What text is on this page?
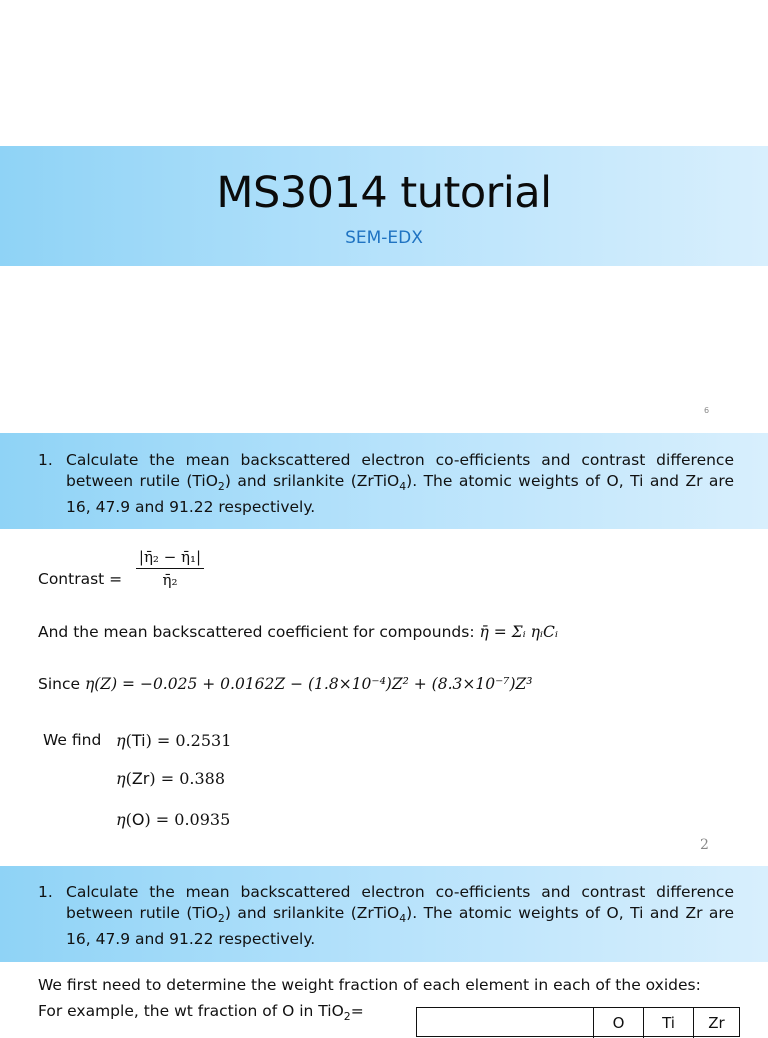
MS3014 tutorial
SEM-EDX
6
1. Calculate the mean backscattered electron co-efficients and contrast difference between rutile (TiO$_2$) and srilankite (ZrTiO$_4$). The atomic weights of O, Ti and Zr are 16, 47.9 and 91.22 respectively.
Contrast = $\frac{\text{|η̄₂ − η̄₁|}}{\text{η̄₂}}$
And the mean backscattered coefficient for compounds: η̄ = Σᵢ ηᵢCᵢ
Since η(Z) = −0.025 + 0.0162Z − (1.8×10⁻⁴)Z² + (8.3×10⁻⁷)Z³
We find η(Ti) = 0.2531
η(Zr) = 0.388
η(O) = 0.0935
2
1. Calculate the mean backscattered electron co-efficients and contrast difference between rutile (TiO$_2$) and srilankite (ZrTiO$_4$). The atomic weights of O, Ti and Zr are 16, 47.9 and 91.22 respectively.
We first need to determine the weight fraction of each element in each of the oxides:
For example, the wt fraction of O in TiO$_2$=
O	Ti	Zr
